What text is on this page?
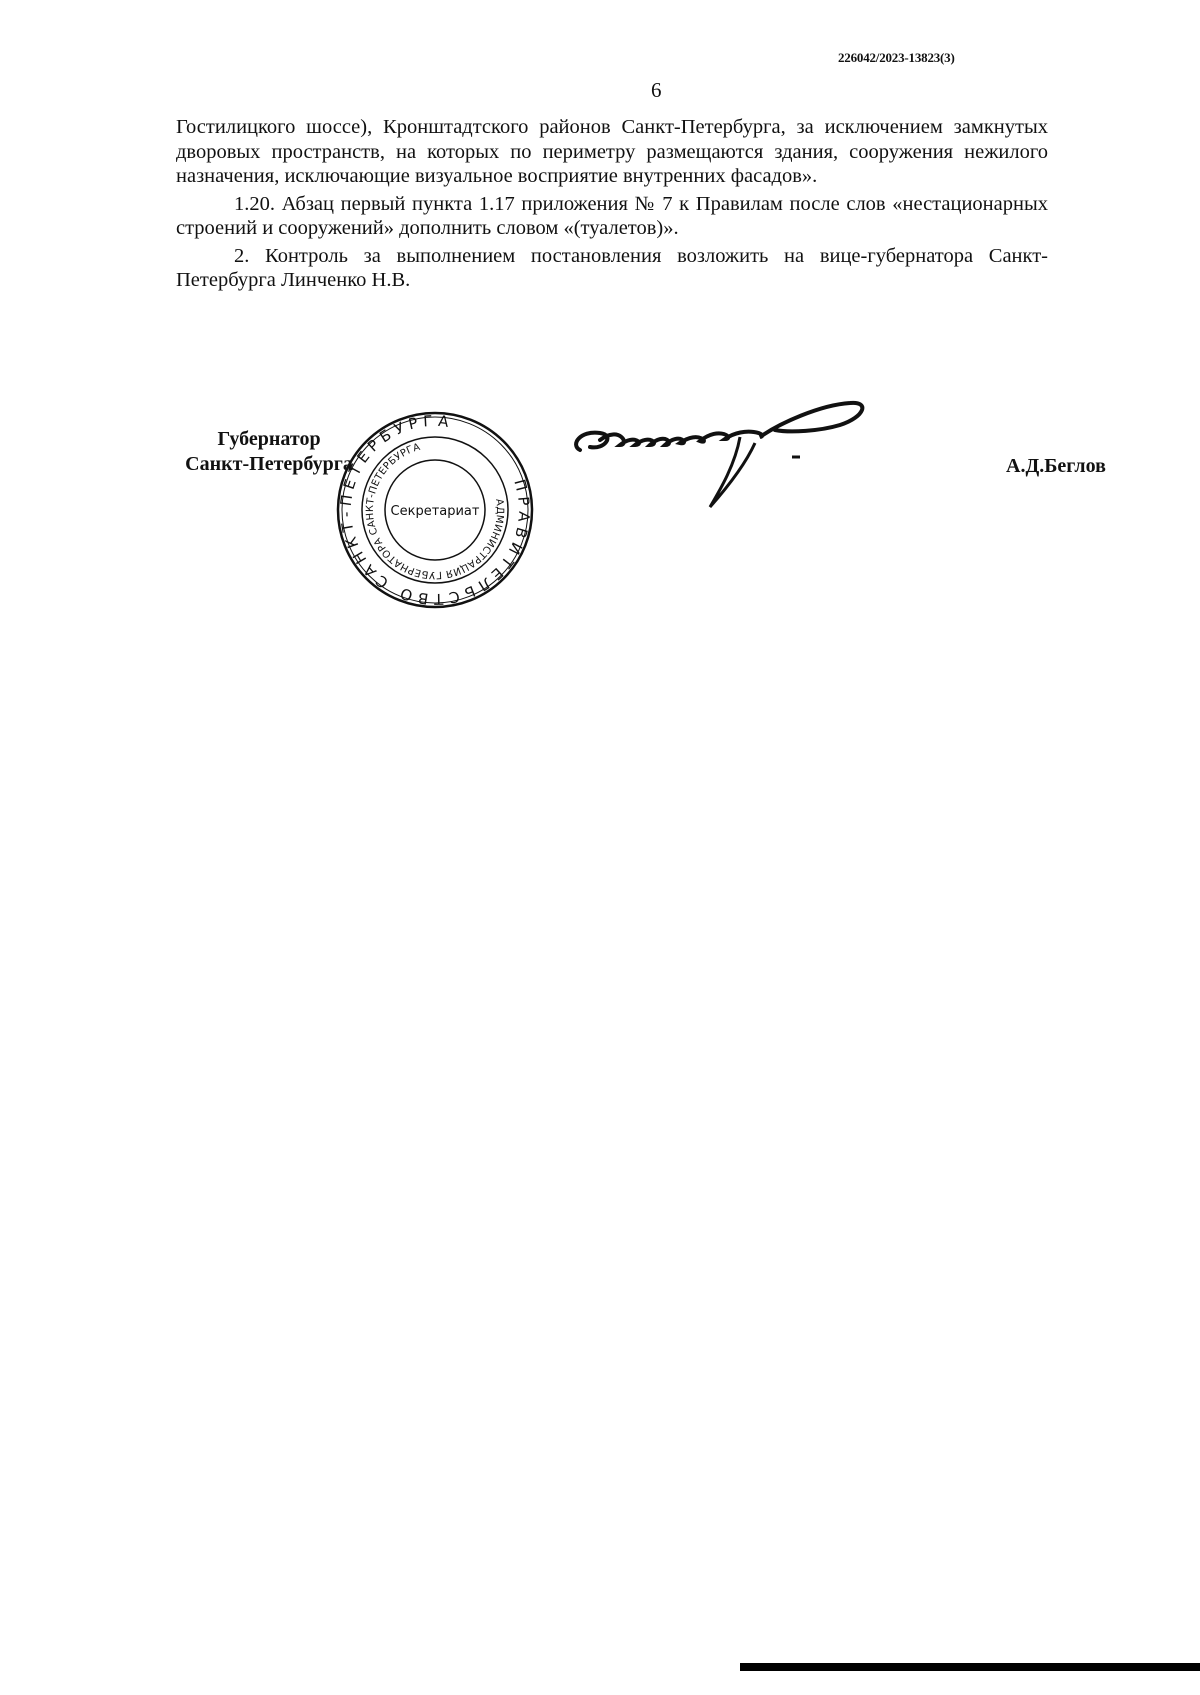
226042/2023-13823(3)
6

Гостилицкого шоссе), Кронштадтского районов Санкт-Петербурга, за исключением замкнутых дворовых пространств, на которых по периметру размещаются здания, сооружения нежилого назначения, исключающие визуальное восприятие внутренних фасадов».

1.20. Абзац первый пункта 1.17 приложения № 7 к Правилам после слов «нестационарных строений и сооружений» дополнить словом «(туалетов)».

2. Контроль за выполнением постановления возложить на вице-губернатора Санкт-Петербурга Линченко Н.В.

Губернатор
Санкт-Петербурга
ПРАВИТЕЛЬСТВО САНКТ-ПЕТЕРБУРГА
АДМИНИСТРАЦИЯ ГУБЕРНАТОРА САНКТ-ПЕТЕРБУРГА
Секретариат
А.Д.Беглов
